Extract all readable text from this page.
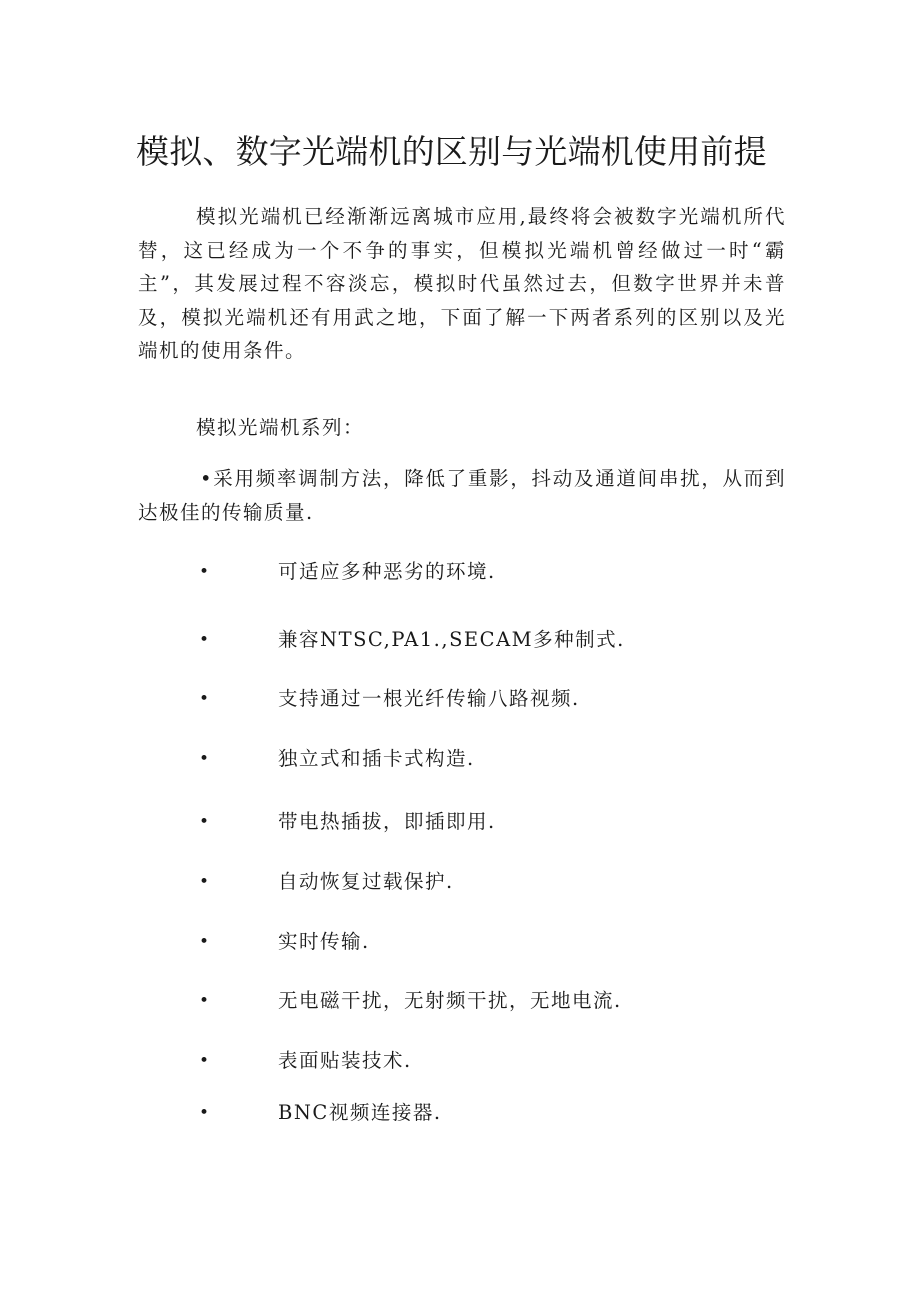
模拟、数字光端机的区别与光端机使用前提

模拟光端机已经渐渐远离城市应用,最终将会被数字光端机所代替，这已经成为一个不争的事实，但模拟光端机曾经做过一时“霸主”，其发展过程不容淡忘，模拟时代虽然过去，但数字世界并未普及，模拟光端机还有用武之地，下面了解一下两者系列的区别以及光端机的使用条件。

模拟光端机系列：

•采用频率调制方法，降低了重影，抖动及通道间串扰，从而到达极佳的传输质量.

•	可适应多种恶劣的环境.
•	兼容NTSC,PA1.,SECAM多种制式.
•	支持通过一根光纤传输八路视频.
•	独立式和插卡式构造.
•	带电热插拔，即插即用.
•	自动恢复过载保护.
•	实时传输.
•	无电磁干扰，无射频干扰，无地电流.
•	表面贴装技术.
•	BNC视频连接器.
